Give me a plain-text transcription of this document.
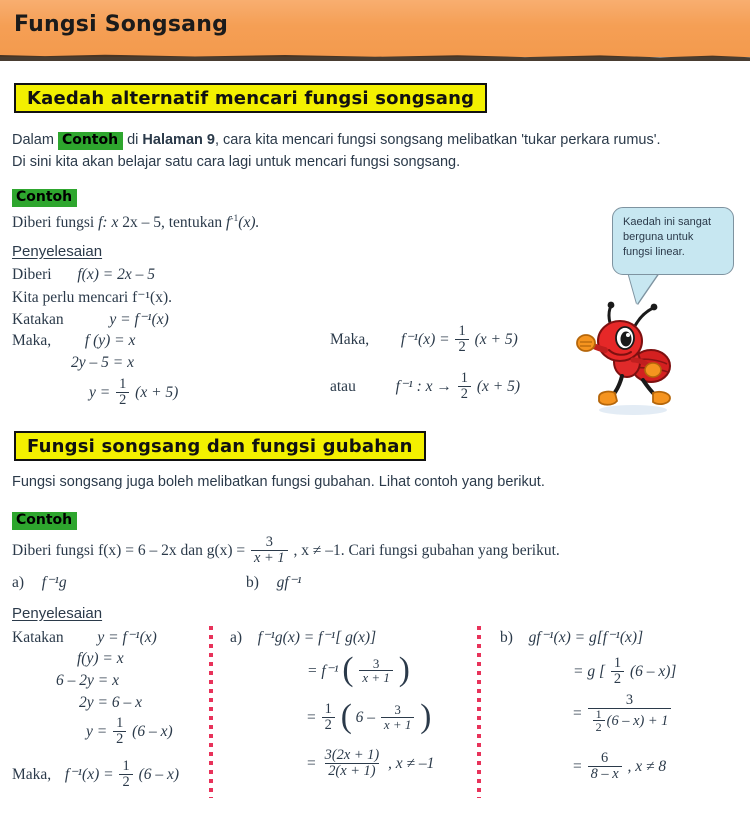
Fungsi Songsang
Kaedah alternatif mencari fungsi songsang
Dalam Contoh di Halaman 9, cara kita mencari fungsi songsang melibatkan 'tukar perkara rumus'.
Di sini kita akan belajar satu cara lagi untuk mencari fungsi songsang.
Contoh
Diberi fungsi f: x 2x – 5, tentukan $f^{-1}(x)$.
Penyelesaian
Diberi f(x) = 2x – 5
Kita perlu mencari f⁻¹(x).
Katakan	y = f⁻¹(x)
Maka, f (y) = x
2y – 5 = x
$y = \frac{1}{2} (x + 5)$
Maka, $f^{-1}(x) = \frac{1}{2} (x + 5)$
atau	f⁻¹ : $x \to \frac{1}{2} (x + 5)$
Kaedah ini sangat
berguna untuk
fungsi linear.
Fungsi songsang dan fungsi gubahan
Fungsi songsang juga boleh melibatkan fungsi gubahan. Lihat contoh yang berikut.
Contoh
Diberi fungsi f(x) = 6 – 2x dan $g(x) = \frac{3}{x + 1}$ , x ≠ –1. Cari fungsi gubahan yang berikut.
a) f⁻¹g	b) gf⁻¹
Penyelesaian
Katakan y = f⁻¹(x)
f(y) = x
6 – 2y = x
2y = 6 – x
$y = \frac{1}{2} (6 - x)$
Maka, $f^{-1}(x) = \frac{1}{2} (6 - x)$
a) f⁻¹g(x) = f⁻¹[ g(x)]
= f⁻¹ ( $\frac{3}{x + 1}$ )
= $\frac{1}{2}$ ( $6 - \frac{3}{x + 1}$ )
= $\frac{3(2x + 1)}{2(x + 1)}$ , x ≠ –1
b) gf⁻¹(x) = g[f⁻¹(x)]
= g [ $\frac{1}{2} (6 - x)$]
= $\frac{3}{\frac{1}{2} (6 - x) + 1}$
= $\frac{6}{8 - x}$ , x ≠ 8
